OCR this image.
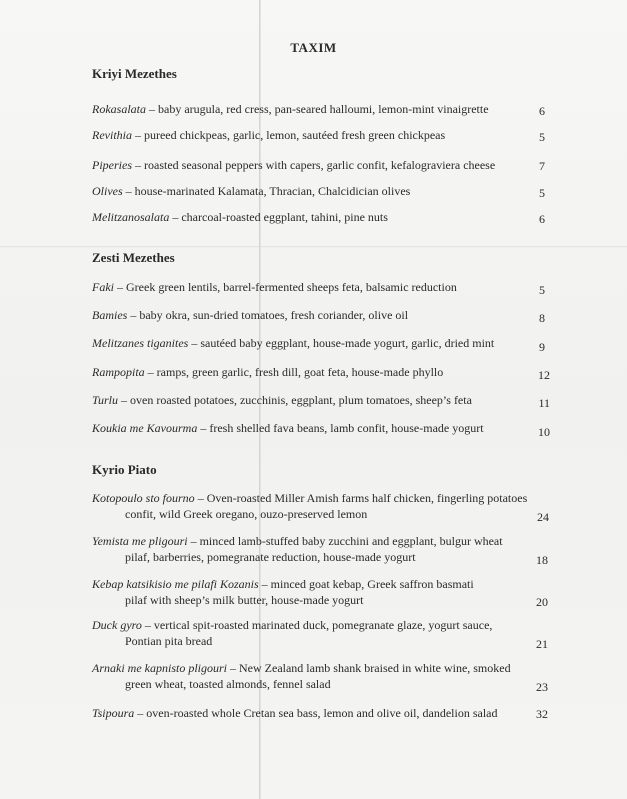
TAXIM
Kriyi Mezethes
Rokasalata – baby arugula, red cress, pan-seared halloumi, lemon-mint vinaigrette	6
Revithia – pureed chickpeas, garlic, lemon, sautéed fresh green chickpeas	5
Piperies – roasted seasonal peppers with capers, garlic confit, kefalograviera cheese	7
Olives – house-marinated Kalamata, Thracian, Chalcidician olives	5
Melitzanosalata – charcoal-roasted eggplant, tahini, pine nuts	6
Zesti Mezethes
Faki – Greek green lentils, barrel-fermented sheeps feta, balsamic reduction	5
Bamies – baby okra, sun-dried tomatoes, fresh coriander, olive oil	8
Melitzanes tiganites – sautéed baby eggplant, house-made yogurt, garlic, dried mint	9
Rampopita – ramps, green garlic, fresh dill, goat feta, house-made phyllo	12
Turlu – oven roasted potatoes, zucchinis, eggplant, plum tomatoes, sheep’s feta	11
Koukia me Kavourma – fresh shelled fava beans, lamb confit, house-made yogurt	10
Kyrio Piato
Kotopoulo sto fourno – Oven-roasted Miller Amish farms half chicken, fingerling potatoes
confit, wild Greek oregano, ouzo-preserved lemon	24
Yemista me pligouri – minced lamb-stuffed baby zucchini and eggplant, bulgur wheat
pilaf, barberries, pomegranate reduction, house-made yogurt	18
Kebap katsikisio me pilafi Kozanis – minced goat kebap, Greek saffron basmati
pilaf with sheep’s milk butter, house-made yogurt	20
Duck gyro – vertical spit-roasted marinated duck, pomegranate glaze, yogurt sauce,
Pontian pita bread	21
Arnaki me kapnisto pligouri – New Zealand lamb shank braised in white wine, smoked
green wheat, toasted almonds, fennel salad	23
Tsipoura – oven-roasted whole Cretan sea bass, lemon and olive oil, dandelion salad	32
